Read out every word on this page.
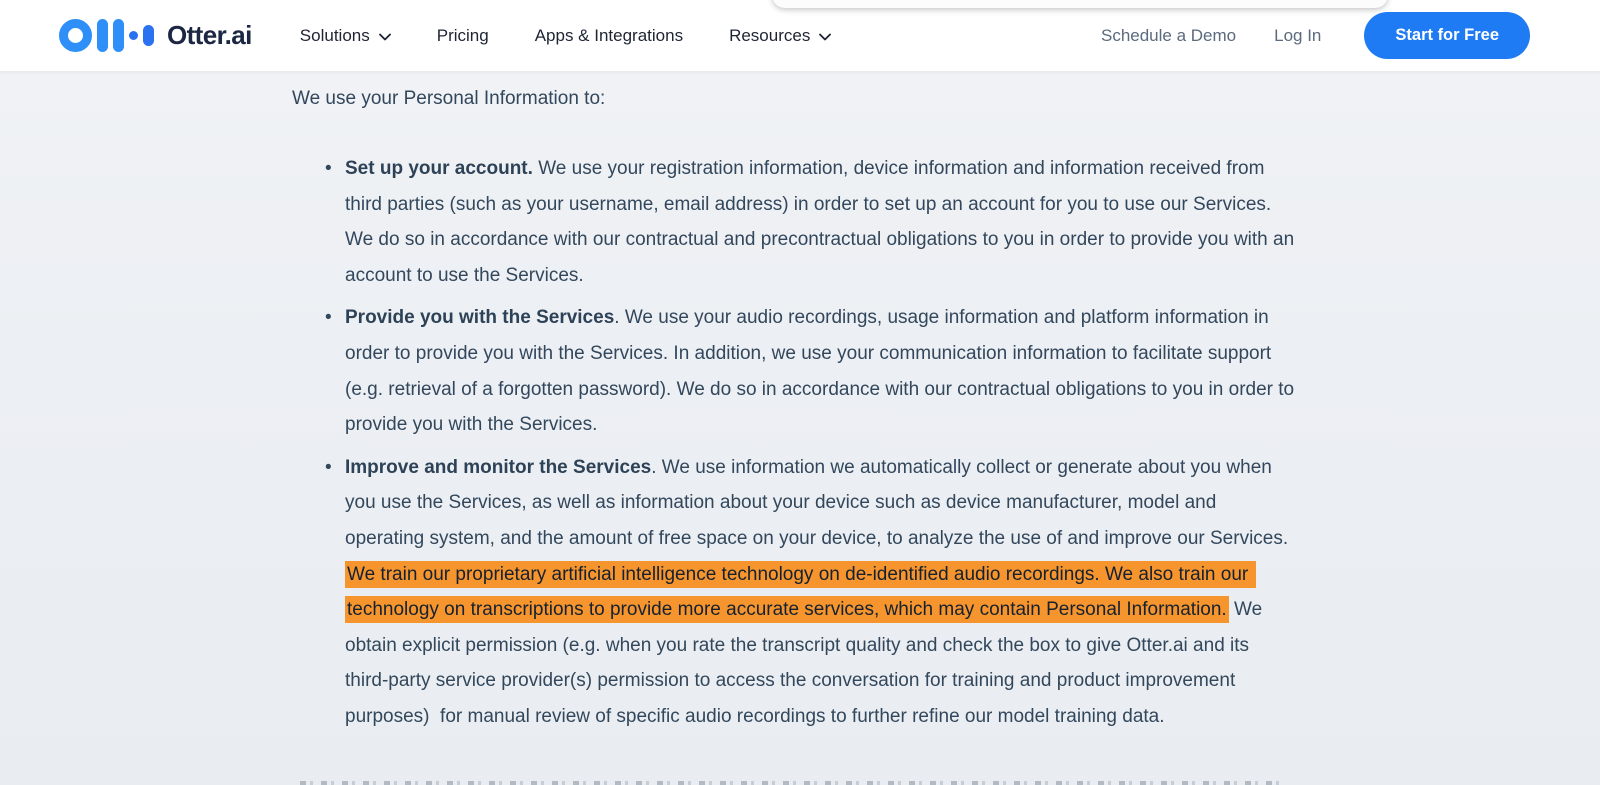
Otter.ai	Solutions	Pricing	Apps & Integrations	Resources	Schedule a Demo Log In	Start for Free

We use your Personal Information to:

• Set up your account. We use your registration information, device information and information received from third parties (such as your username, email address) in order to set up an account for you to use our Services. We do so in accordance with our contractual and precontractual obligations to you in order to provide you with an account to use the Services.
• Provide you with the Services. We use your audio recordings, usage information and platform information in order to provide you with the Services. In addition, we use your communication information to facilitate support (e.g. retrieval of a forgotten password). We do so in accordance with our contractual obligations to you in order to provide you with the Services.
• Improve and monitor the Services. We use information we automatically collect or generate about you when you use the Services, as well as information about your device such as device manufacturer, model and operating system, and the amount of free space on your device, to analyze the use of and improve our Services. We train our proprietary artificial intelligence technology on de-identified audio recordings. We also train our technology on transcriptions to provide more accurate services, which may contain Personal Information. We obtain explicit permission (e.g. when you rate the transcript quality and check the box to give Otter.ai and its third-party service provider(s) permission to access the conversation for training and product improvement purposes)  for manual review of specific audio recordings to further refine our model training data.
